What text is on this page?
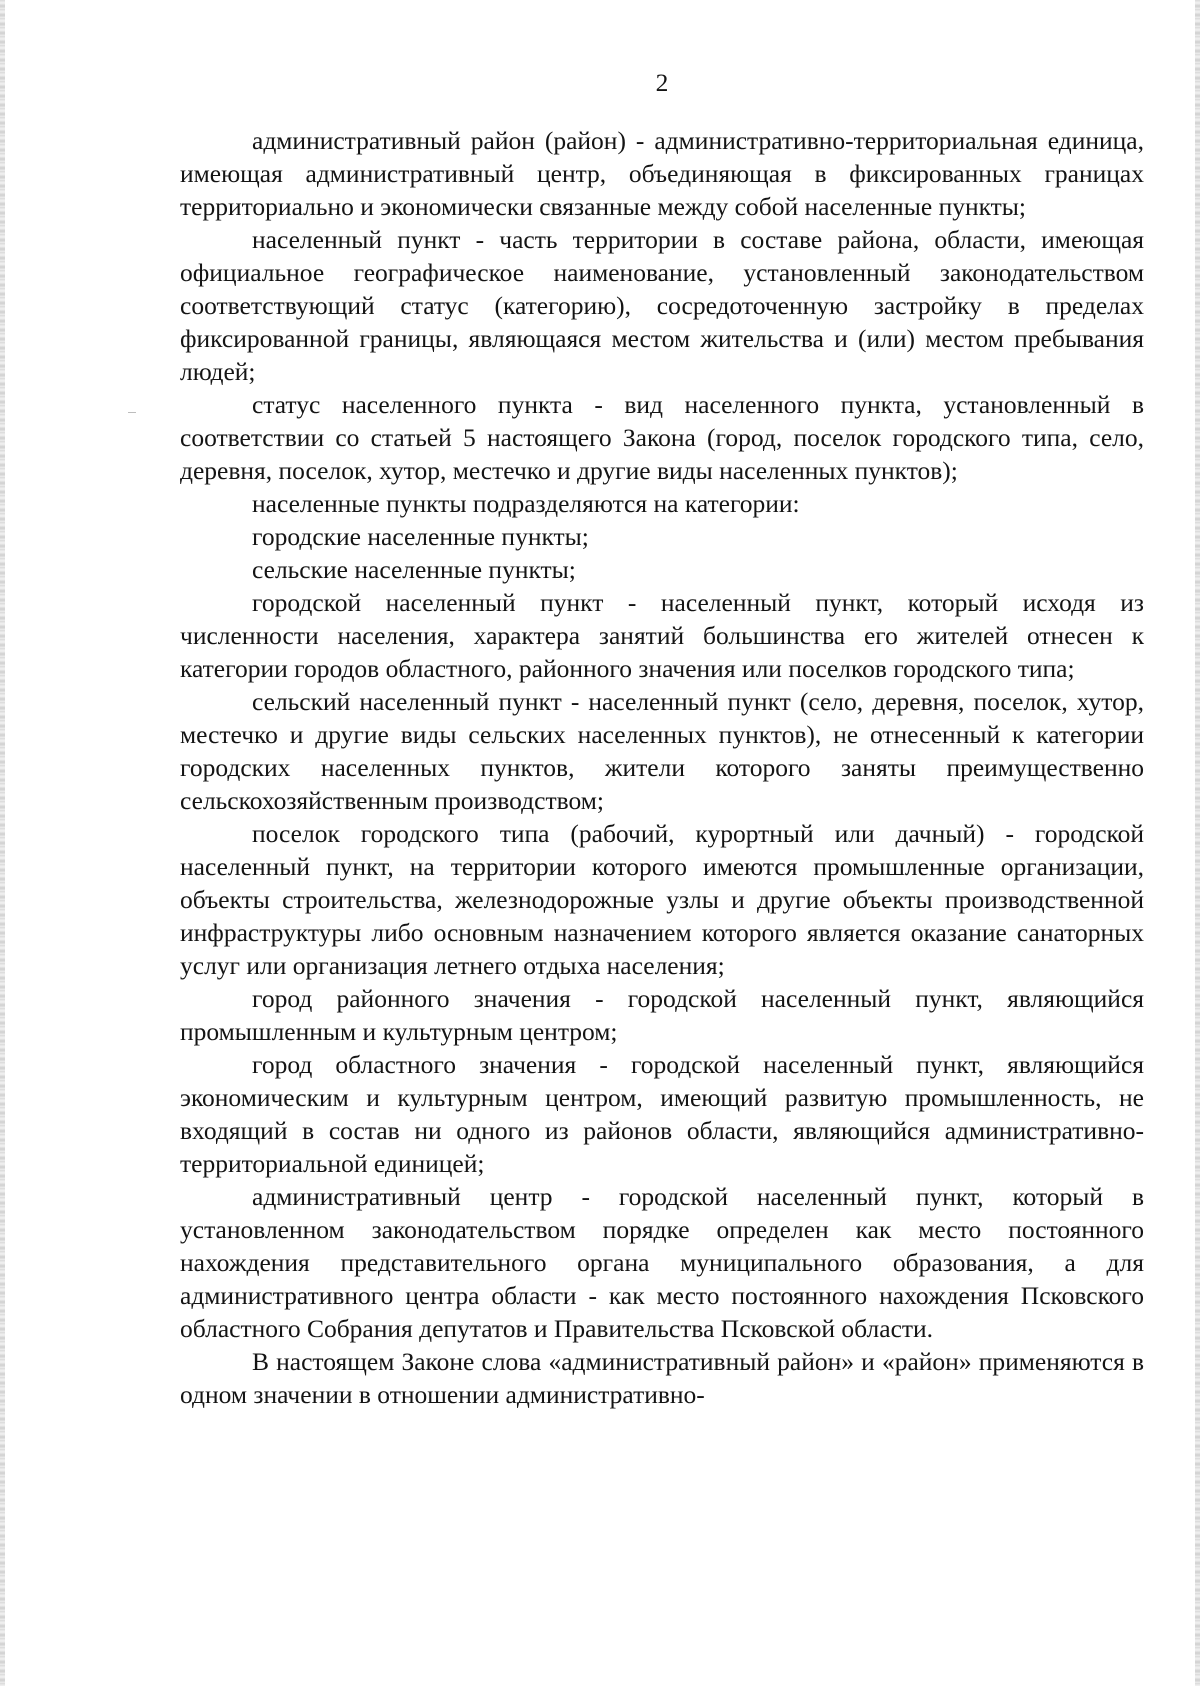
2

административный район (район) - административно-территориальная единица, имеющая административный центр, объединяющая в фиксированных границах территориально и экономически связанные между собой населенные пункты;

населенный пункт - часть территории в составе района, области, имеющая официальное географическое наименование, установленный законодательством соответствующий статус (категорию), сосредоточенную застройку в пределах фиксированной границы, являющаяся местом жительства и (или) местом пребывания людей;

статус населенного пункта - вид населенного пункта, установленный в соответствии со статьей 5 настоящего Закона (город, поселок городского типа, село, деревня, поселок, хутор, местечко и другие виды населенных пунктов);

населенные пункты подразделяются на категории:

городские населенные пункты;

сельские населенные пункты;

городской населенный пункт - населенный пункт, который исходя из численности населения, характера занятий большинства его жителей отнесен к категории городов областного, районного значения или поселков городского типа;

сельский населенный пункт - населенный пункт (село, деревня, поселок, хутор, местечко и другие виды сельских населенных пунктов), не отнесенный к категории городских населенных пунктов, жители которого заняты преимущественно сельскохозяйственным производством;

поселок городского типа (рабочий, курортный или дачный) - городской населенный пункт, на территории которого имеются промышленные организации, объекты строительства, железнодорожные узлы и другие объекты производственной инфраструктуры либо основным назначением которого является оказание санаторных услуг или организация летнего отдыха населения;

город районного значения - городской населенный пункт, являющийся промышленным и культурным центром;

город областного значения - городской населенный пункт, являющийся экономическим и культурным центром, имеющий развитую промышленность, не входящий в состав ни одного из районов области, являющийся административно-территориальной единицей;

административный центр - городской населенный пункт, который в установленном законодательством порядке определен как место постоянного нахождения представительного органа муниципального образования, а для административного центра области - как место постоянного нахождения Псковского областного Собрания депутатов и Правительства Псковской области.

В настоящем Законе слова «административный район» и «район» применяются в одном значении в отношении административно-
